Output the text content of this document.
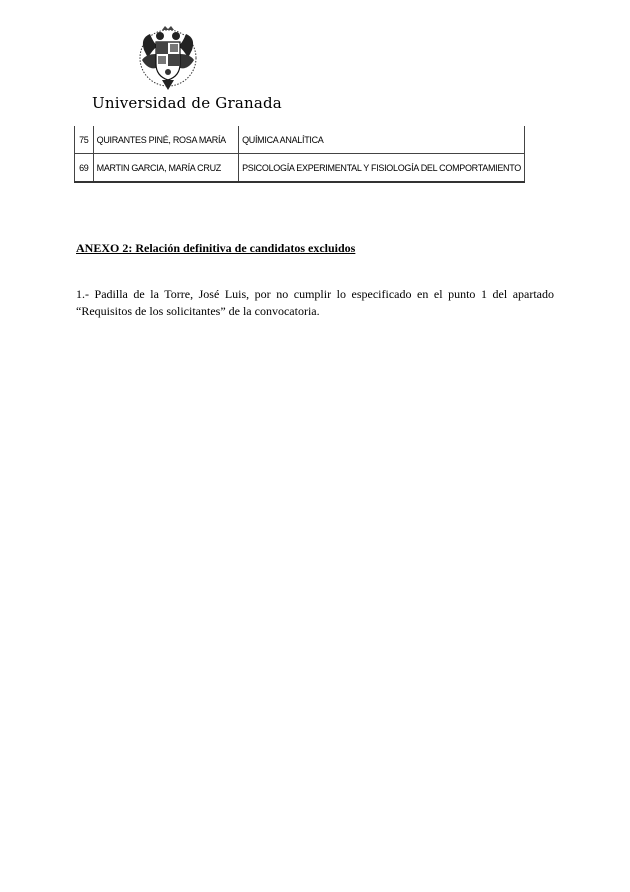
Universidad de Granada
75	QUIRANTES PINÉ, ROSA MARÍA	QUÍMICA ANALÍTICA
69	MARTIN GARCIA, MARÍA CRUZ	PSICOLOGÍA EXPERIMENTAL Y FISIOLOGÍA DEL COMPORTAMIENTO
ANEXO 2: Relación definitiva de candidatos excluidos
1.- Padilla de la Torre, José Luis, por no cumplir lo especificado en el punto 1 del apartado “Requisitos de los solicitantes” de la convocatoria.
